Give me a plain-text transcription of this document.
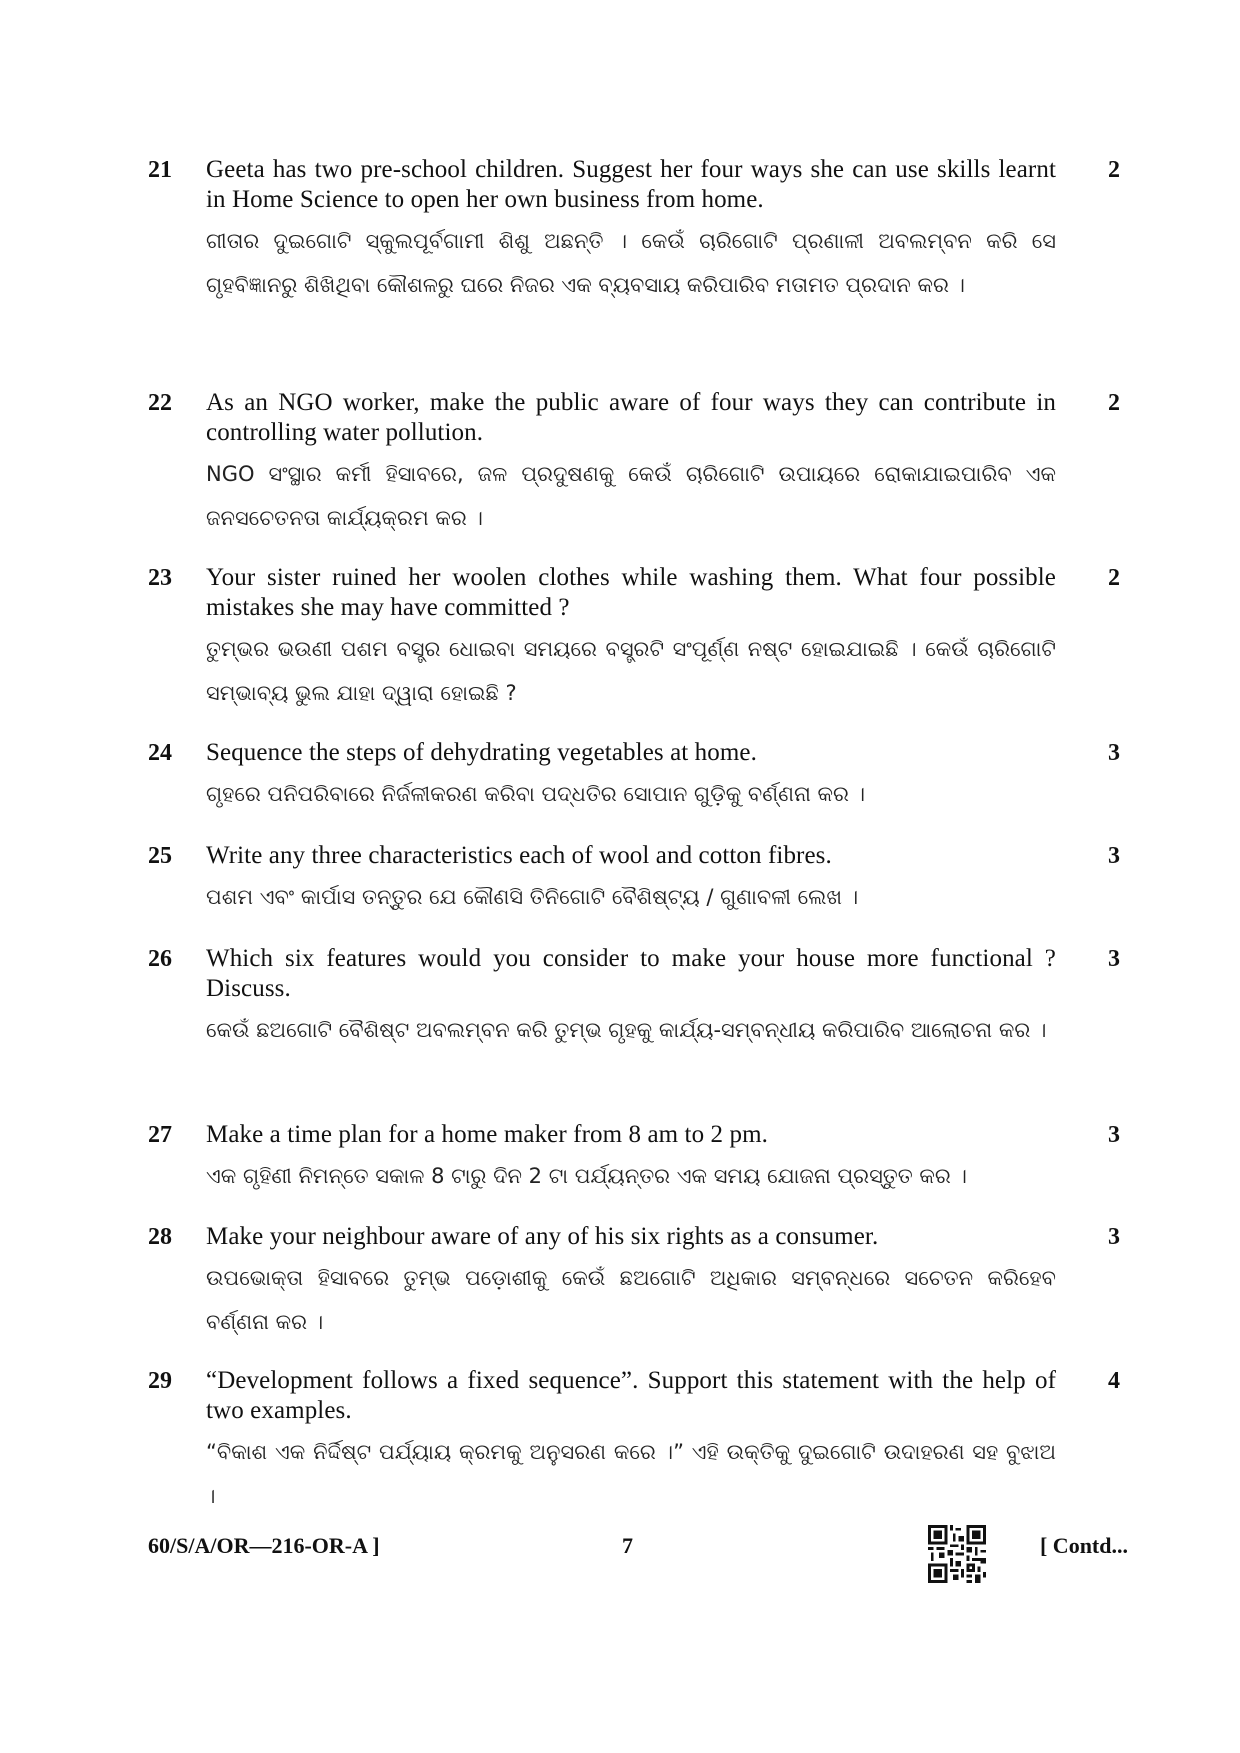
21 Geeta has two pre-school children. Suggest her four ways she can use skills learnt in Home Science to open her own business from home.
ଗୀତାର ଦୁଇଗୋଟି ସ୍କୁଲପୂର୍ବଗାମୀ ଶିଶୁ ଅଛନ୍ତି । କେଉଁ ଚାରିଗୋଟି ପ୍ରଣାଳୀ ଅବଲମ୍ବନ କରି ସେ ଗୃହବିଜ୍ଞାନରୁ ଶିଖିଥିବା କୌଶଳରୁ ଘରେ ନିଜର ଏକ ବ୍ୟବସାୟ କରିପାରିବ ମତାମତ ପ୍ରଦାନ କର ।
2
22 As an NGO worker, make the public aware of four ways they can contribute in controlling water pollution.
NGO ସଂସ୍ଥାର କର୍ମୀ ହିସାବରେ, ଜଳ ପ୍ରଦୁଷଣକୁ କେଉଁ ଚାରିଗୋଟି ଉପାୟରେ ରୋକାଯାଇପାରିବ ଏକ ଜନସଚେତନତା କାର୍ଯ୍ୟକ୍ରମ କର ।
2
23 Your sister ruined her woolen clothes while washing them. What four possible mistakes she may have committed ?
ତୁମ୍ଭର ଭଉଣୀ ପଶମ ବସ୍ତ୍ର ଧୋଇବା ସମୟରେ ବସ୍ତ୍ରଟି ସଂପୂର୍ଣ୍ଣ ନଷ୍ଟ ହୋଇଯାଇଛି । କେଉଁ ଚାରିଗୋଟି ସମ୍ଭାବ୍ୟ ଭୁଲ ଯାହା ଦ୍ୱାରା ହୋଇଛି ?
2
24 Sequence the steps of dehydrating vegetables at home.
ଗୃହରେ ପନିପରିବାରେ ନିର୍ଜଳୀକରଣ କରିବା ପଦ୍ଧତିର ସୋପାନ ଗୁଡ଼ିକୁ ବର୍ଣ୍ଣନା କର ।
3
25 Write any three characteristics each of wool and cotton fibres.
ପଶମ ଏବଂ କାର୍ପାସ ତନ୍ତୁର ଯେ କୌଣସି ତିନିଗୋଟି ବୈଶିଷ୍ଟ୍ୟ / ଗୁଣାବଳୀ ଲେଖ ।
3
26 Which six features would you consider to make your house more functional ? Discuss.
କେଉଁ ଛଅଗୋଟି ବୈଶିଷ୍ଟ ଅବଲମ୍ବନ କରି ତୁମ୍ଭ ଗୃହକୁ କାର୍ଯ୍ୟ-ସମ୍ବନ୍ଧୀୟ କରିପାରିବ ଆଲୋଚନା କର ।
3
27 Make a time plan for a home maker from 8 am to 2 pm.
ଏକ ଗୃହିଣୀ ନିମନ୍ତେ ସକାଳ 8 ଟାରୁ ଦିନ 2 ଟା ପର୍ଯ୍ୟନ୍ତର ଏକ ସମୟ ଯୋଜନା ପ୍ରସ୍ତୁତ କର ।
3
28 Make your neighbour aware of any of his six rights as a consumer.
ଉପଭୋକ୍ତା ହିସାବରେ ତୁମ୍ଭ ପଡ଼ୋଶୀକୁ କେଉଁ ଛଅଗୋଟି ଅଧିକାର ସମ୍ବନ୍ଧରେ ସଚେତନ କରିହେବ ବର୍ଣ୍ଣନା କର ।
3
29 “Development follows a fixed sequence”. Support this statement with the help of two examples.
“ବିକାଶ ଏକ ନିର୍ଦ୍ଦିଷ୍ଟ ପର୍ଯ୍ୟାୟ କ୍ରମକୁ ଅନୁସରଣ କରେ ।” ଏହି ଉକ୍ତିକୁ ଦୁଇଗୋଟି ଉଦାହରଣ ସହ ବୁଝାଅ ।
4
60/S/A/OR—216-OR-A ]	7	[ Contd...
